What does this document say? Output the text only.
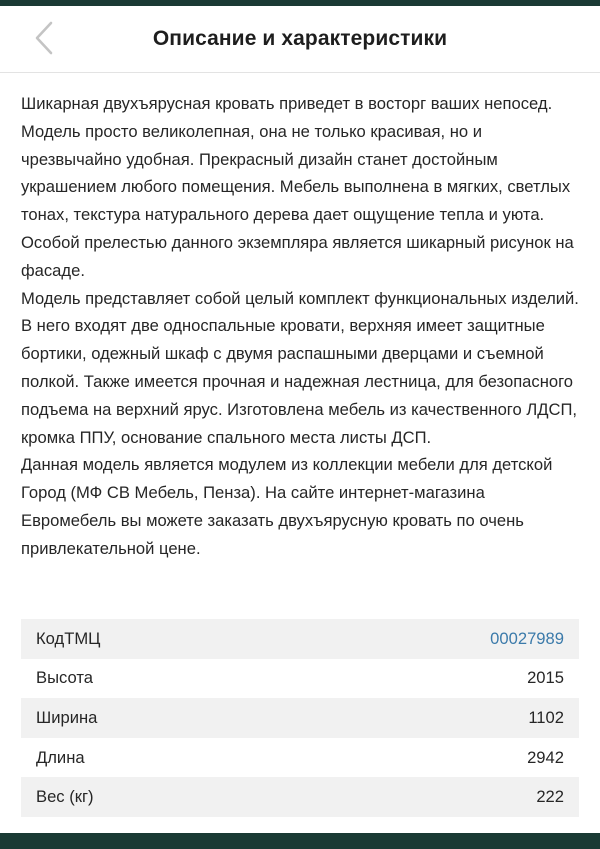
Описание и характеристики

Шикарная двухъярусная кровать приведет в восторг ваших непосед. Модель просто великолепная, она не только красивая, но и чрезвычайно удобная. Прекрасный дизайн станет достойным украшением любого помещения. Мебель выполнена в мягких, светлых тонах, текстура натурального дерева дает ощущение тепла и уюта. Особой прелестью данного экземпляра является шикарный рисунок на фасаде.

Модель представляет собой целый комплект функциональных изделий. В него входят две односпальные кровати, верхняя имеет защитные бортики, одежный шкаф с двумя распашными дверцами и съемной полкой. Также имеется прочная и надежная лестница, для безопасного подъема на верхний ярус. Изготовлена мебель из качественного ЛДСП, кромка ППУ, основание спального места листы ДСП.

Данная модель является модулем из коллекции мебели для детской Город (МФ СВ Мебель, Пенза). На сайте интернет-магазина Евромебель вы можете заказать двухъярусную кровать по очень привлекательной цене.

КодТМЦ	00027989
Высота	2015
Ширина	1102
Длина	2942
Вес (кг)	222
